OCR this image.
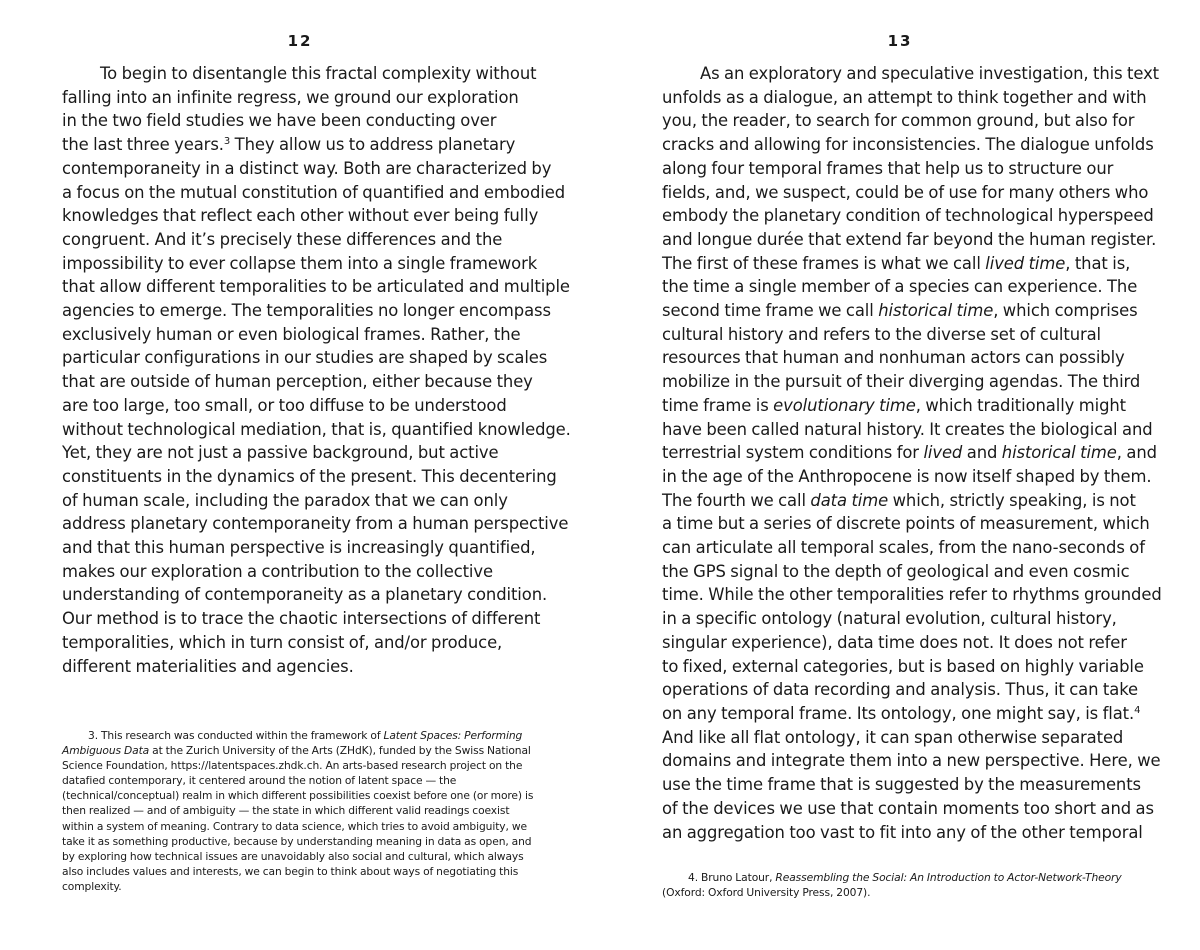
12

To begin to disentangle this fractal complexity without
falling into an infinite regress, we ground our exploration
in the two field studies we have been conducting over
the last three years.$^3$ They allow us to address planetary
contemporaneity in a distinct way. Both are characterized by
a focus on the mutual constitution of quantified and embodied
knowledges that reflect each other without ever being fully
congruent. And it’s precisely these differences and the
impossibility to ever collapse them into a single framework
that allow different temporalities to be articulated and multiple
agencies to emerge. The temporalities no longer encompass
exclusively human or even biological frames. Rather, the
particular configurations in our studies are shaped by scales
that are outside of human perception, either because they
are too large, too small, or too diffuse to be understood
without technological mediation, that is, quantified knowledge.
Yet, they are not just a passive background, but active
constituents in the dynamics of the present. This decentering
of human scale, including the paradox that we can only
address planetary contemporaneity from a human perspective
and that this human perspective is increasingly quantified,
makes our exploration a contribution to the collective
understanding of contemporaneity as a planetary condition.
Our method is to trace the chaotic intersections of different
temporalities, which in turn consist of, and/or produce,
different materialities and agencies.

3. This research was conducted within the framework of Latent Spaces: Performing Ambiguous Data at the Zurich University of the Arts (ZHdK), funded by the Swiss National Science Foundation, https://latentspaces.zhdk.ch. An arts-based research project on the datafied contemporary, it centered around the notion of latent space — the (technical/conceptual) realm in which different possibilities coexist before one (or more) is then realized — and of ambiguity — the state in which different valid readings coexist within a system of meaning. Contrary to data science, which tries to avoid ambiguity, we take it as something productive, because by understanding meaning in data as open, and by exploring how technical issues are unavoidably also social and cultural, which always also includes values and interests, we can begin to think about ways of negotiating this complexity.

13

As an exploratory and speculative investigation, this text
unfolds as a dialogue, an attempt to think together and with
you, the reader, to search for common ground, but also for
cracks and allowing for inconsistencies. The dialogue unfolds
along four temporal frames that help us to structure our
fields, and, we suspect, could be of use for many others who
embody the planetary condition of technological hyperspeed
and longue durée that extend far beyond the human register.
The first of these frames is what we call lived time, that is,
the time a single member of a species can experience. The
second time frame we call historical time, which comprises
cultural history and refers to the diverse set of cultural
resources that human and nonhuman actors can possibly
mobilize in the pursuit of their diverging agendas. The third
time frame is evolutionary time, which traditionally might
have been called natural history. It creates the biological and
terrestrial system conditions for lived and historical time, and
in the age of the Anthropocene is now itself shaped by them.
The fourth we call data time which, strictly speaking, is not
a time but a series of discrete points of measurement, which
can articulate all temporal scales, from the nano-seconds of
the GPS signal to the depth of geological and even cosmic
time. While the other temporalities refer to rhythms grounded
in a specific ontology (natural evolution, cultural history,
singular experience), data time does not. It does not refer
to fixed, external categories, but is based on highly variable
operations of data recording and analysis. Thus, it can take
on any temporal frame. Its ontology, one might say, is flat.$^4$
And like all flat ontology, it can span otherwise separated
domains and integrate them into a new perspective. Here, we
use the time frame that is suggested by the measurements
of the devices we use that contain moments too short and as
an aggregation too vast to fit into any of the other temporal

4. Bruno Latour, Reassembling the Social: An Introduction to Actor-Network-Theory (Oxford: Oxford University Press, 2007).
